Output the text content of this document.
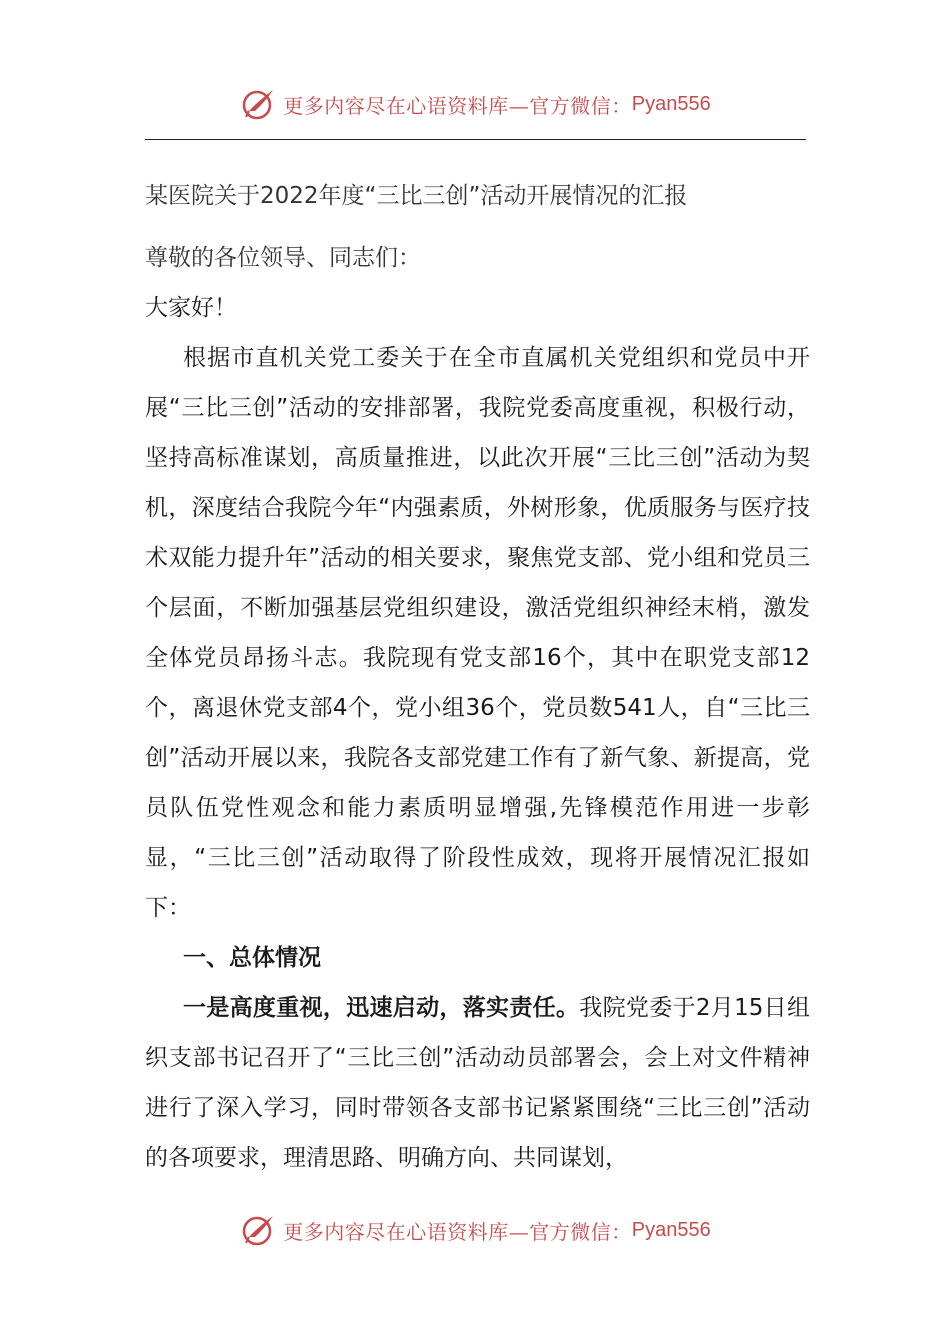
更多内容尽在心语资料库—官方微信： Pyan556
某医院关于2022年度“三比三创”活动开展情况的汇报

尊敬的各位领导、同志们：

大家好！

根据市直机关党工委关于在全市直属机关党组织和党员中开展“三比三创”活动的安排部署，我院党委高度重视，积极行动，坚持高标准谋划，高质量推进，以此次开展“三比三创”活动为契机，深度结合我院今年“内强素质，外树形象，优质服务与医疗技术双能力提升年”活动的相关要求，聚焦党支部、党小组和党员三个层面，不断加强基层党组织建设，激活党组织神经末梢，激发全体党员昂扬斗志。我院现有党支部16个，其中在职党支部12个，离退休党支部4个，党小组36个，党员数541人，自“三比三创”活动开展以来，我院各支部党建工作有了新气象、新提高，党员队伍党性观念和能力素质明显增强,先锋模范作用进一步彰显，“三比三创”活动取得了阶段性成效，现将开展情况汇报如下：

一、总体情况

一是高度重视，迅速启动，落实责任。我院党委于2月15日组织支部书记召开了“三比三创”活动动员部署会，会上对文件精神进行了深入学习，同时带领各支部书记紧紧围绕“三比三创”活动的各项要求，理清思路、明确方向、共同谋划，

更多内容尽在心语资料库—官方微信： Pyan556
